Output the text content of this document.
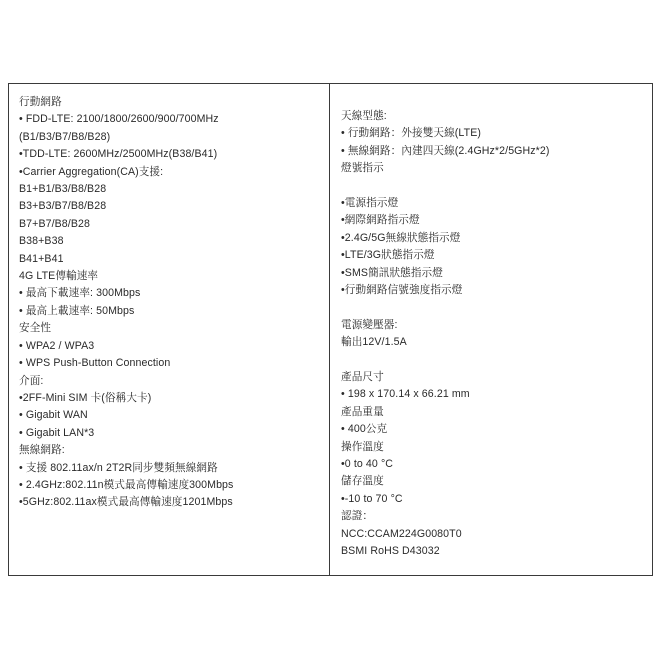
行動網路
• FDD-LTE: 2100/1800/2600/900/700MHz
(B1/B3/B7/B8/B28)
•TDD-LTE: 2600MHz/2500MHz(B38/B41)
•Carrier Aggregation(CA)支援:
B1+B1/B3/B8/B28
B3+B3/B7/B8/B28
B7+B7/B8/B28
B38+B38
B41+B41
4G LTE傳輸速率
• 最高下載速率: 300Mbps
• 最高上載速率: 50Mbps
安全性
• WPA2 / WPA3
• WPS Push-Button Connection
介面:
•2FF-Mini SIM 卡(俗稱大卡)
• Gigabit WAN
• Gigabit LAN*3
無線網路:
• 支援 802.11ax/n 2T2R同步雙頻無線網路
• 2.4GHz:802.11n模式最高傳輸速度300Mbps
•5GHz:802.11ax模式最高傳輸速度1201Mbps
天線型態:
• 行動網路：外接雙天線(LTE)
• 無線網路：內建四天線(2.4GHz*2/5GHz*2)
燈號指示
•電源指示燈
•網際網路指示燈
•2.4G/5G無線狀態指示燈
•LTE/3G狀態指示燈
•SMS簡訊狀態指示燈
•行動網路信號強度指示燈
電源變壓器:
輸出12V/1.5A
產品尺寸
• 198 x 170.14 x 66.21 mm
產品重量
• 400公克
操作溫度
•0 to 40 °C
儲存溫度
•-10 to 70 °C
認證：
NCC:CCAM224G0080T0
BSMI RoHS D43032
